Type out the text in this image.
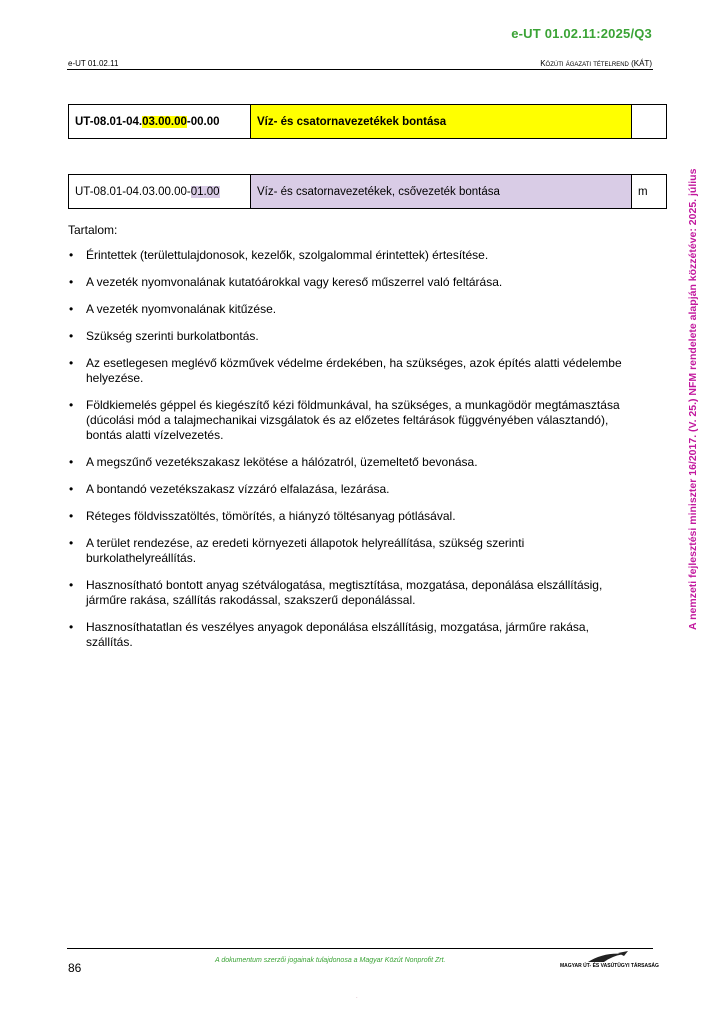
e-UT 01.02.11:2025/Q3
e-UT 01.02.11	Közúti ágazati tételrend (KÁT)
UT-08.01-04.03.00.00-00.00	Víz- és csatornavezetékek bontása	
UT-08.01-04.03.00.00-01.00	Víz- és csatornavezetékek, csővezeték bontása	m
Tartalom:
• Érintettek (területtulajdonosok, kezelők, szolgalommal érintettek) értesítése.
• A vezeték nyomvonalának kutatóárokkal vagy kereső műszerrel való feltárása.
• A vezeték nyomvonalának kitűzése.
• Szükség szerinti burkolatbontás.
• Az esetlegesen meglévő közművek védelme érdekében, ha szükséges, azok építés alatti védelembe helyezése.
• Földkiemelés géppel és kiegészítő kézi földmunkával, ha szükséges, a munkagödör megtámasztása (dúcolási mód a talajmechanikai vizsgálatok és az előzetes feltárások függvényében választandó), bontás alatti vízelvezetés.
• A megszűnő vezetékszakasz lekötése a hálózatról, üzemeltető bevonása.
• A bontandó vezetékszakasz vízzáró elfalazása, lezárása.
• Réteges földvisszatöltés, tömörítés, a hiányzó töltésanyag pótlásával.
• A terület rendezése, az eredeti környezeti állapotok helyreállítása, szükség szerinti burkolathelyreállítás.
• Hasznosítható bontott anyag szétválogatása, megtisztítása, mozgatása, deponálása elszállításig, járműre rakása, szállítás rakodással, szakszerű deponálással.
• Hasznosíthatatlan és veszélyes anyagok deponálása elszállításig, mozgatása, járműre rakása, szállítás.
A nemzeti fejlesztési miniszter 16/2017. (V. 25.) NFM rendelete alapján közzétéve: 2025. július
86
A dokumentum szerzői jogainak tulajdonosa a Magyar Közút Nonprofit Zrt.
MAGYAR ÚT- ÉS VASÚTÜGYI TÁRSASÁG
.
